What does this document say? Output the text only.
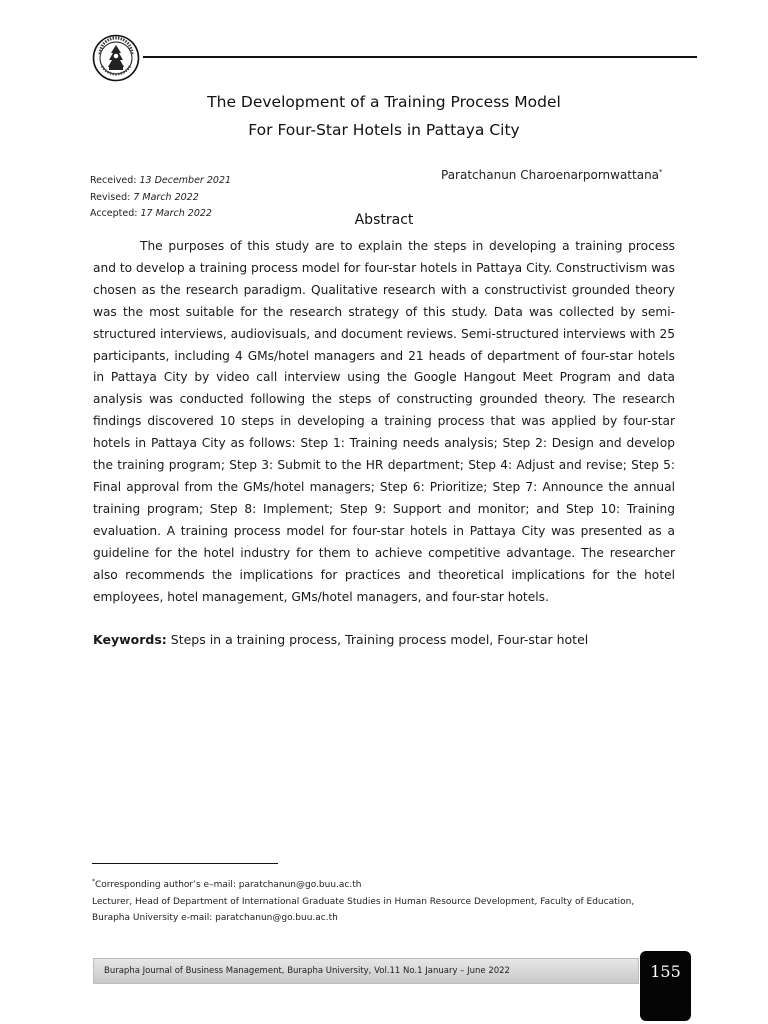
The Development of a Training Process Model
For Four-Star Hotels in Pattaya City
Received: 13 December 2021
Revised: 7 March 2022
Accepted: 17 March 2022
Paratchanun Charoenarpornwattana*
Abstract

The purposes of this study are to explain the steps in developing a training process and to develop a training process model for four-star hotels in Pattaya City. Constructivism was chosen as the research paradigm. Qualitative research with a constructivist grounded theory was the most suitable for the research strategy of this study. Data was collected by semi-structured interviews, audiovisuals, and document reviews. Semi-structured interviews with 25 participants, including 4 GMs/hotel managers and 21 heads of department of four-star hotels in Pattaya City by video call interview using the Google Hangout Meet Program and data analysis was conducted following the steps of constructing grounded theory. The research findings discovered 10 steps in developing a training process that was applied by four-star hotels in Pattaya City as follows: Step 1: Training needs analysis; Step 2: Design and develop the training program; Step 3: Submit to the HR department; Step 4: Adjust and revise; Step 5: Final approval from the GMs/hotel managers; Step 6: Prioritize; Step 7: Announce the annual training program; Step 8: Implement; Step 9: Support and monitor; and Step 10: Training evaluation. A training process model for four-star hotels in Pattaya City was presented as a guideline for the hotel industry for them to achieve competitive advantage. The researcher also recommends the implications for practices and theoretical implications for the hotel employees, hotel management, GMs/hotel managers, and four-star hotels.

Keywords: Steps in a training process, Training process model, Four-star hotel
*Corresponding author’s e–mail: paratchanun@go.buu.ac.th
Lecturer, Head of Department of International Graduate Studies in Human Resource Development, Faculty of Education,
Burapha University e-mail: paratchanun@go.buu.ac.th
Burapha Journal of Business Management, Burapha University, Vol.11 No.1 January – June 2022	155
